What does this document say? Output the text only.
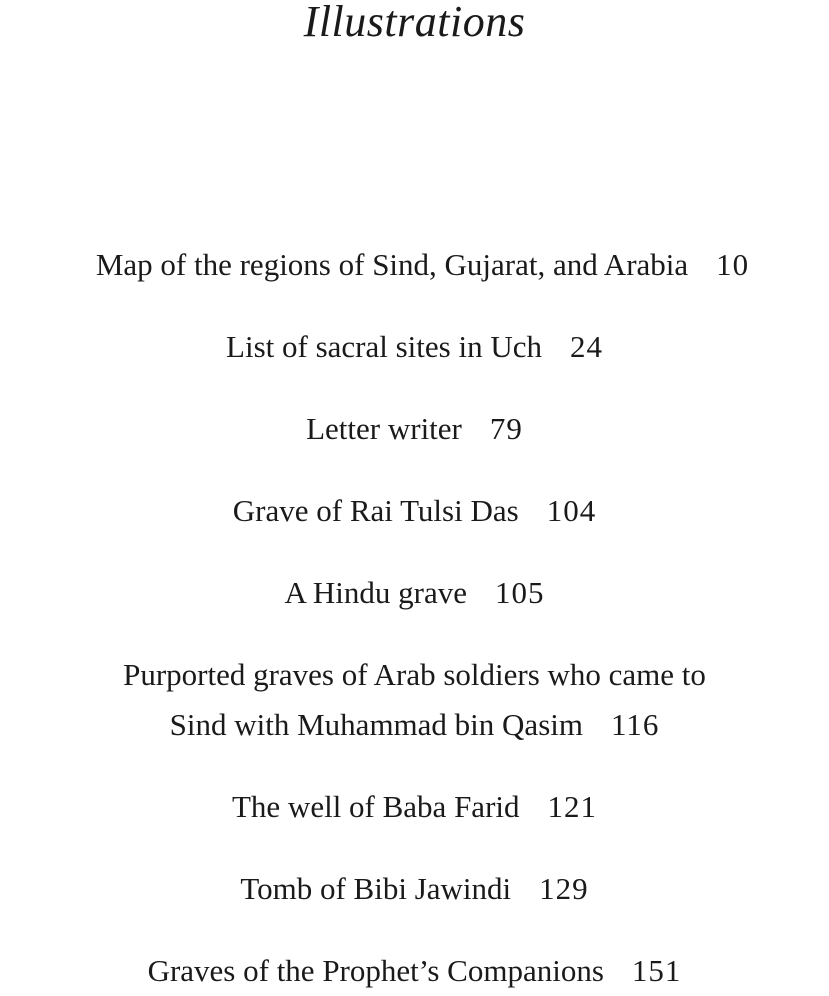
Illustrations
Map of the regions of Sind, Gujarat, and Arabia 10
List of sacral sites in Uch 24
Letter writer 79
Grave of Rai Tulsi Das 104
A Hindu grave 105
Purported graves of Arab soldiers who came to
Sind with Muhammad bin Qasim 116
The well of Baba Farid 121
Tomb of Bibi Jawindi 129
Graves of the Prophet’s Companions 151
